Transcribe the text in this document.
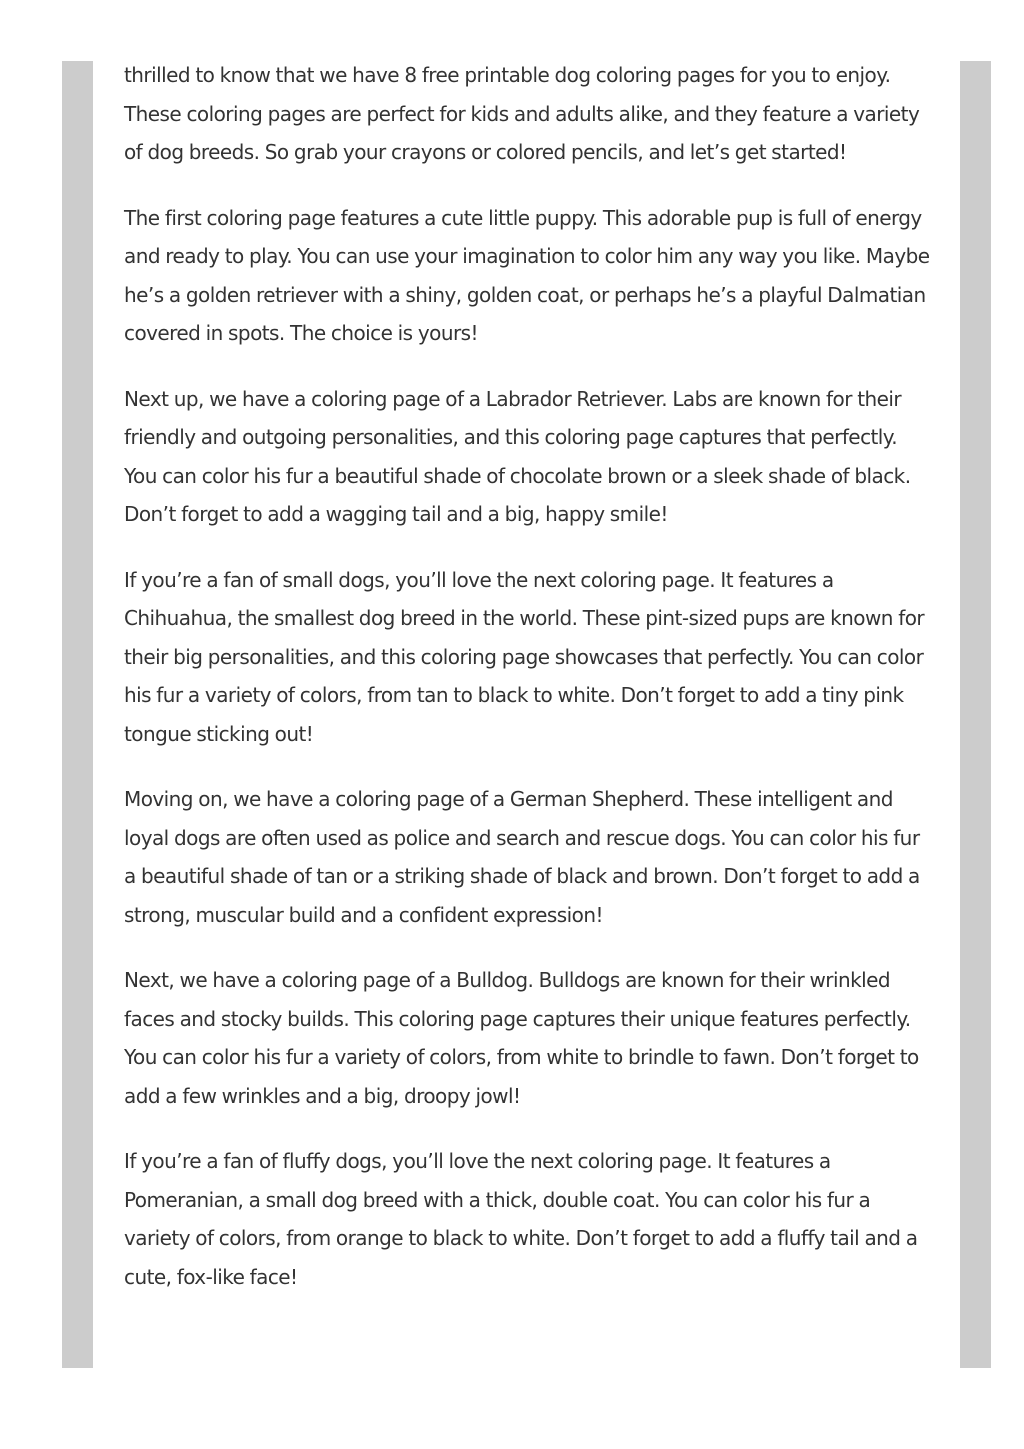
thrilled to know that we have 8 free printable dog coloring pages for you to enjoy. These coloring pages are perfect for kids and adults alike, and they feature a variety of dog breeds. So grab your crayons or colored pencils, and let’s get started!

The first coloring page features a cute little puppy. This adorable pup is full of energy and ready to play. You can use your imagination to color him any way you like. Maybe he’s a golden retriever with a shiny, golden coat, or perhaps he’s a playful Dalmatian covered in spots. The choice is yours!

Next up, we have a coloring page of a Labrador Retriever. Labs are known for their friendly and outgoing personalities, and this coloring page captures that perfectly. You can color his fur a beautiful shade of chocolate brown or a sleek shade of black. Don’t forget to add a wagging tail and a big, happy smile!

If you’re a fan of small dogs, you’ll love the next coloring page. It features a Chihuahua, the smallest dog breed in the world. These pint-sized pups are known for their big personalities, and this coloring page showcases that perfectly. You can color his fur a variety of colors, from tan to black to white. Don’t forget to add a tiny pink tongue sticking out!

Moving on, we have a coloring page of a German Shepherd. These intelligent and loyal dogs are often used as police and search and rescue dogs. You can color his fur a beautiful shade of tan or a striking shade of black and brown. Don’t forget to add a strong, muscular build and a confident expression!

Next, we have a coloring page of a Bulldog. Bulldogs are known for their wrinkled faces and stocky builds. This coloring page captures their unique features perfectly. You can color his fur a variety of colors, from white to brindle to fawn. Don’t forget to add a few wrinkles and a big, droopy jowl!

If you’re a fan of fluffy dogs, you’ll love the next coloring page. It features a Pomeranian, a small dog breed with a thick, double coat. You can color his fur a variety of colors, from orange to black to white. Don’t forget to add a fluffy tail and a cute, fox-like face!
